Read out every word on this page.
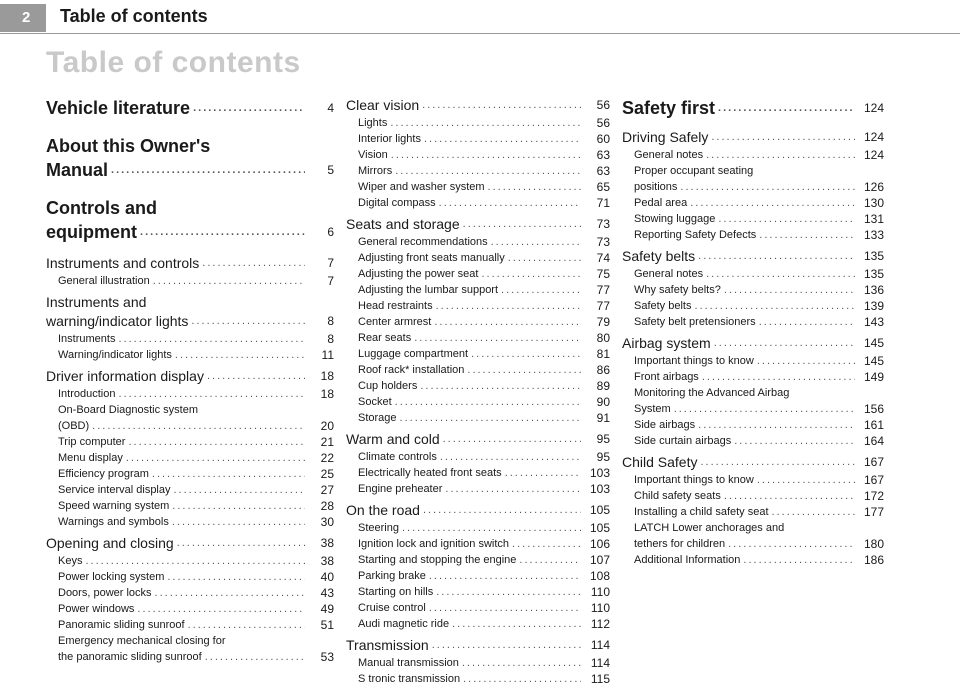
2 Table of contents
Table of contents
Vehicle literature .....	4
About this Owner's
Manual .....	5
Controls and
equipment .....	6
Instruments and controls .....	7
General illustration .....	7
Instruments and
warning/indicator lights .....	8
Instruments .....	8
Warning/indicator lights .....	11
Driver information display .....	18
Introduction .....	18
On-Board Diagnostic system
(OBD) .....	20
Trip computer .....	21
Menu display .....	22
Efficiency program .....	25
Service interval display .....	27
Speed warning system .....	28
Warnings and symbols .....	30
Opening and closing .....	38
Keys .....	38
Power locking system .....	40
Doors, power locks .....	43
Power windows .....	49
Panoramic sliding sunroof .....	51
Emergency mechanical closing for
the panoramic sliding sunroof .....	53
Clear vision .....	56
Lights .....	56
Interior lights .....	60
Vision .....	63
Mirrors .....	63
Wiper and washer system .....	65
Digital compass .....	71
Seats and storage .....	73
General recommendations .....	73
Adjusting front seats manually .....	74
Adjusting the power seat .....	75
Adjusting the lumbar support .....	77
Head restraints .....	77
Center armrest .....	79
Rear seats .....	80
Luggage compartment .....	81
Roof rack* installation .....	86
Cup holders .....	89
Socket .....	90
Storage .....	91
Warm and cold .....	95
Climate controls .....	95
Electrically heated front seats .....	103
Engine preheater .....	103
On the road .....	105
Steering .....	105
Ignition lock and ignition switch .....	106
Starting and stopping the engine .....	107
Parking brake .....	108
Starting on hills .....	110
Cruise control .....	110
Audi magnetic ride .....	112
Transmission .....	114
Manual transmission .....	114
S tronic transmission .....	115
Safety first .....	124
Driving Safely .....	124
General notes .....	124
Proper occupant seating
positions .....	126
Pedal area .....	130
Stowing luggage .....	131
Reporting Safety Defects .....	133
Safety belts .....	135
General notes .....	135
Why safety belts? .....	136
Safety belts .....	139
Safety belt pretensioners .....	143
Airbag system .....	145
Important things to know .....	145
Front airbags .....	149
Monitoring the Advanced Airbag
System .....	156
Side airbags .....	161
Side curtain airbags .....	164
Child Safety .....	167
Important things to know .....	167
Child safety seats .....	172
Installing a child safety seat .....	177
LATCH Lower anchorages and
tethers for children .....	180
Additional Information .....	186
